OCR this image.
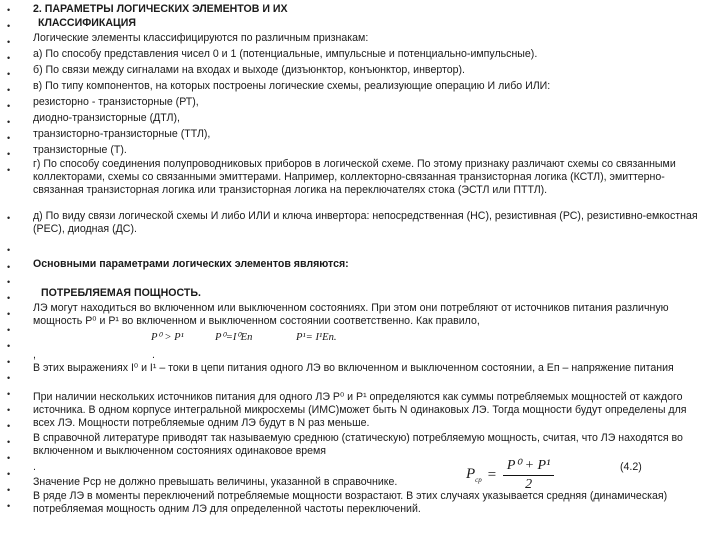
•
•
•
•
•
•
•
•
•
•
•
•
•
•
•
•
•
•
•
•
•
•
•
•
•
•
•
•
•
2. ПАРАМЕТРЫ ЛОГИЧЕСКИХ ЭЛЕМЕНТОВ И ИХ
КЛАССИФИКАЦИЯ
Логические элементы классифицируются по различным признакам:
а) По способу представления чисел 0 и 1 (потенциальные, импульсные и потенциально-импульсные).
б) По связи между сигналами на входах и выходе (дизъюнктор, конъюнктор, инвертор).
в) По типу компонентов, на которых построены логические схемы, реализующие операцию И либо ИЛИ:
резисторно - транзисторные (РТ),
диодно-транзисторные (ДТЛ),
транзисторно-транзисторные (ТТЛ),
транзисторные (Т).
г) По способу соединения полупроводниковых приборов в логической схеме. По этому признаку различают схемы со связанными коллекторами, схемы со связанными эмиттерами. Например, коллекторно-связанная транзисторная логика (КСТЛ), эмиттерно-связанная транзисторная логика или транзисторная логика на переключателях стока (ЭСТЛ или ПТТЛ).
д) По виду связи логической схемы И либо ИЛИ и ключа инвертора: непосредственная (НС), резистивная (РС), резистивно-емкостная (РЕС), диодная (ДС).
Основными параметрами логических элементов являются:
ПОТРЕБЛЯЕМАЯ ПОЩНОСТЬ.
ЛЭ могут находиться во включенном или выключенном состояниях. При этом они потребляют от источников питания различную мощность P⁰ и P¹ во включенном и выключенном состоянии соответственно. Как правило,
P⁰ > P¹	P⁰=I⁰Eп	P¹= I¹Eп.
,	.
В этих выражениях I⁰ и I¹ – токи в цепи питания одного ЛЭ во включенном и выключенном состоянии, а Eп – напряжение питания
При наличии нескольких источников питания для одного ЛЭ P⁰ и P¹ определяются как суммы потребляемых мощностей от каждого источника. В одном корпусе интегральной микросхемы (ИМС)может быть N одинаковых ЛЭ. Тогда мощности будут определены для всех ЛЭ. Мощности потребляемые одним ЛЭ будут в N раз меньше.
В справочной литературе приводят так называемую среднюю (статическую) потребляемую мощность, считая, что ЛЭ находятся во включенном и выключенном состояниях одинаковое время
.	$P_{ср} = \frac{\text{P⁰ + P¹}}{2}$	(4.2)
Значение Pср не должно превышать величины, указанной в справочнике.
В ряде ЛЭ в моменты переключений потребляемые мощности возрастают. В этих случаях указывается средняя (динамическая) потребляемая мощность одним ЛЭ для определенной частоты переключений.
